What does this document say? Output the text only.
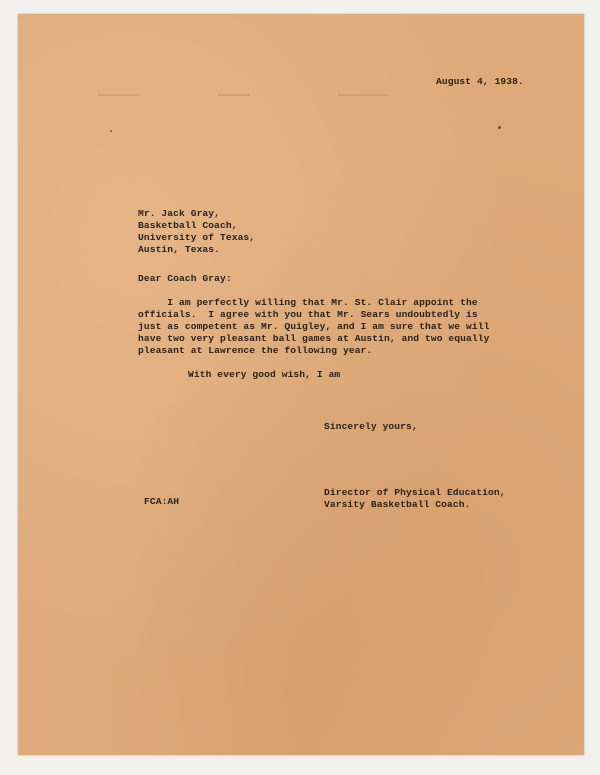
August 4, 1938.
Mr. Jack Gray,
Basketball Coach,
University of Texas,
Austin, Texas.
Dear Coach Gray:
I am perfectly willing that Mr. St. Clair appoint the
officials.  I agree with you that Mr. Sears undoubtedly is
just as competent as Mr. Quigley, and I am sure that we will
have two very pleasant ball games at Austin, and two equally
pleasant at Lawrence the following year.
With every good wish, I am
Sincerely yours,
FCA:AH
Director of Physical Education,
Varsity Basketball Coach.
